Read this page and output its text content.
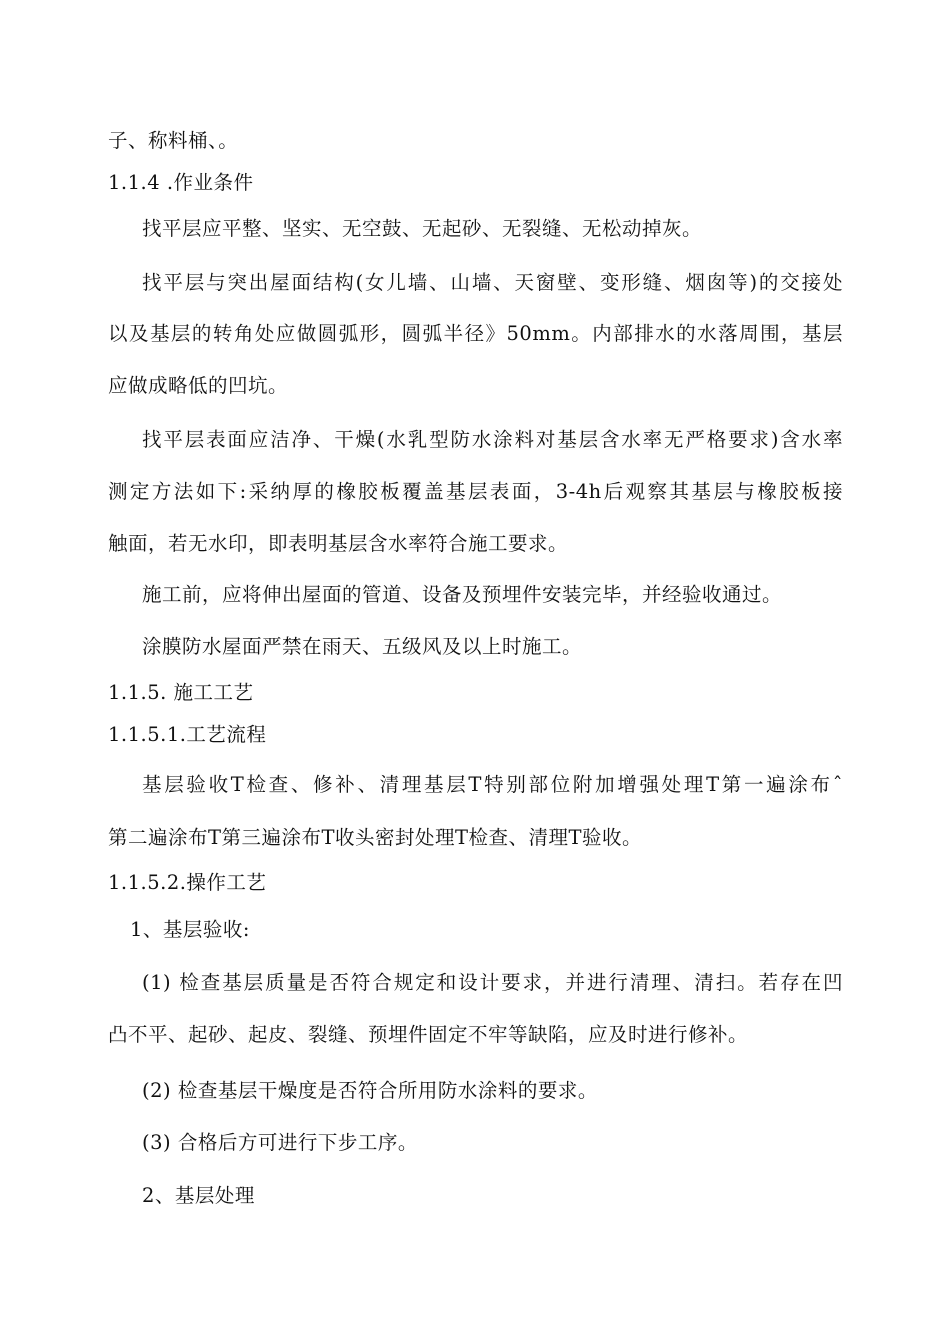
子、称料桶、。
1.1.4 .作业条件
找平层应平整、坚实、无空鼓、无起砂、无裂缝、无松动掉灰。
找平层与突出屋面结构(女儿墙、山墙、天窗壁、变形缝、烟囱等)的交接处
以及基层的转角处应做圆弧形，圆弧半径》50mm。内部排水的水落周围，基层
应做成略低的凹坑。
找平层表面应洁净、干燥(水乳型防水涂料对基层含水率无严格要求)含水率
测定方法如下:采纳厚的橡胶板覆盖基层表面，3-4h后观察其基层与橡胶板接
触面，若无水印，即表明基层含水率符合施工要求。
施工前，应将伸出屋面的管道、设备及预埋件安装完毕，并经验收通过。
涂膜防水屋面严禁在雨天、五级风及以上时施工。
1.1.5. 施工工艺
1.1.5.1.工艺流程
基层验收T检查、修补、清理基层T特别部位附加增强处理T第一遍涂布ˆ
第二遍涂布T第三遍涂布T收头密封处理T检查、清理T验收。
1.1.5.2.操作工艺
1、基层验收:
(1) 检查基层质量是否符合规定和设计要求，并进行清理、清扫。若存在凹
凸不平、起砂、起皮、裂缝、预埋件固定不牢等缺陷，应及时进行修补。
(2) 检查基层干燥度是否符合所用防水涂料的要求。
(3) 合格后方可进行下步工序。
2、基层处理
